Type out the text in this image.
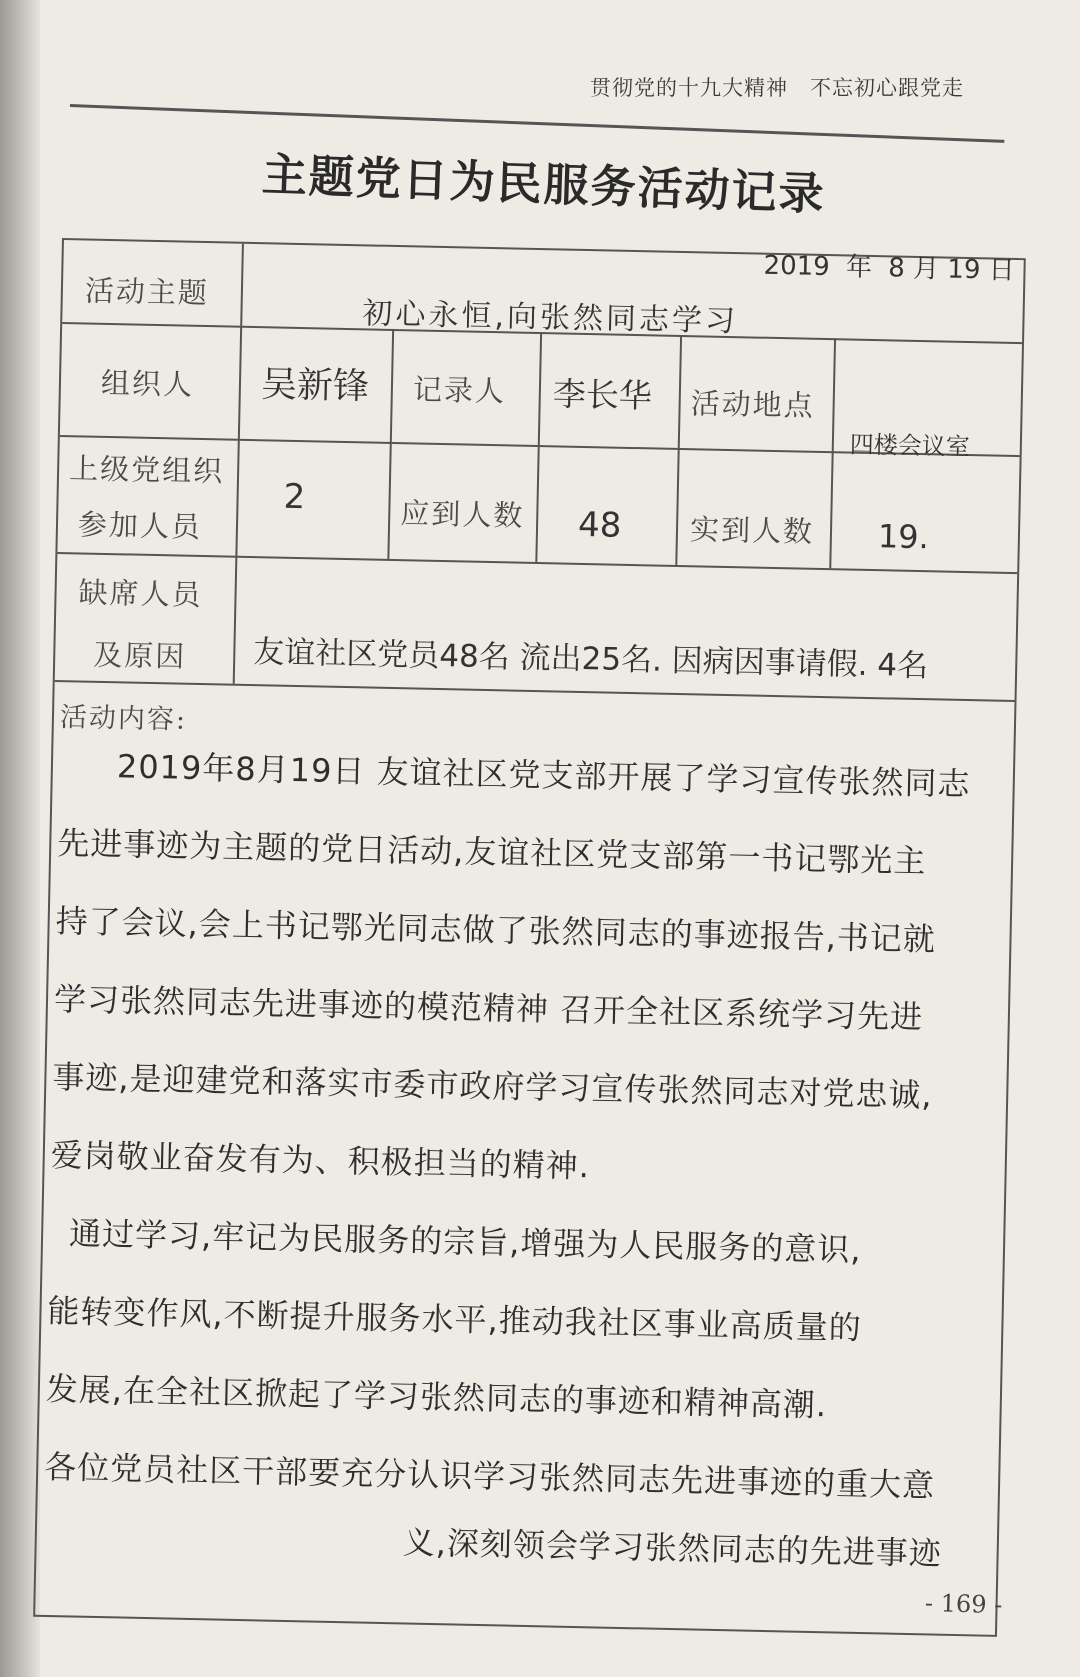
贯彻党的十九大精神　不忘初心跟党走
主题党日为民服务活动记录
2019 年 8 月 19 日
活动主题
初心永恒,向张然同志学习
组织人 吴新锋 记录人 李长华 活动地点
四楼会议室
上级党组织
参加人员
2	应到人数 48 实到人数 19.
缺席人员
及原因 友谊社区党员48名 流出25名. 因病因事请假. 4名
活动内容:
2019年8月19日 友谊社区党支部开展了学习宣传张然同志
先进事迹为主题的党日活动,友谊社区党支部第一书记鄂光主
持了会议,会上书记鄂光同志做了张然同志的事迹报告,书记就
学习张然同志先进事迹的模范精神 召开全社区系统学习先进
事迹,是迎建党和落实市委市政府学习宣传张然同志对党忠诚,
爱岗敬业奋发有为、积极担当的精神.
通过学习,牢记为民服务的宗旨,增强为人民服务的意识,
能转变作风,不断提升服务水平,推动我社区事业高质量的
发展,在全社区掀起了学习张然同志的事迹和精神高潮.
各位党员社区干部要充分认识学习张然同志先进事迹的重大意
义,深刻领会学习张然同志的先进事迹
- 169 -
